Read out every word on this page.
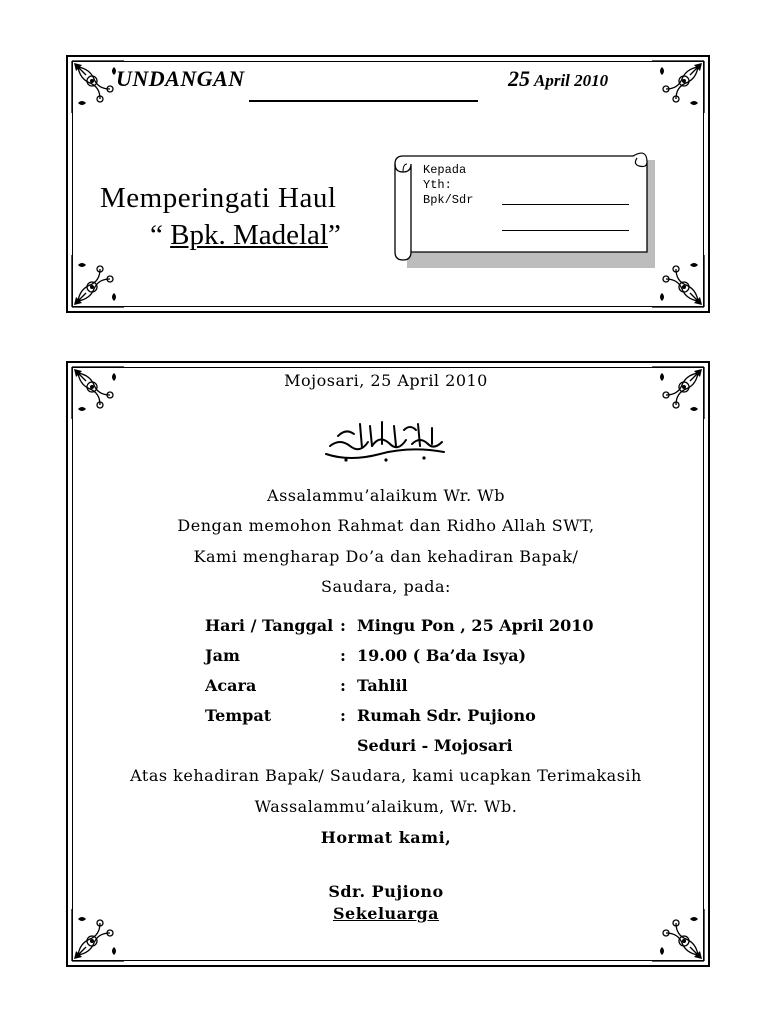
UNDANGAN	25 April 2010
Memperingati Haul
“ Bpk. Madelal”
Kepada
Yth:
Bpk/Sdr
Mojosari, 25 April 2010
Assalammu’alaikum Wr. Wb
Dengan memohon Rahmat dan Ridho Allah SWT,
Kami mengharap Do’a dan kehadiran Bapak/
Saudara, pada:
Hari / Tanggal : Mingu Pon , 25 April 2010
Jam	: 19.00 ( Ba’da Isya)
Acara	: Tahlil
Tempat	: Rumah Sdr. Pujiono
Seduri - Mojosari
Atas kehadiran Bapak/ Saudara, kami ucapkan Terimakasih
Wassalammu’alaikum, Wr. Wb.
Hormat kami,
Sdr. Pujiono
Sekeluarga
